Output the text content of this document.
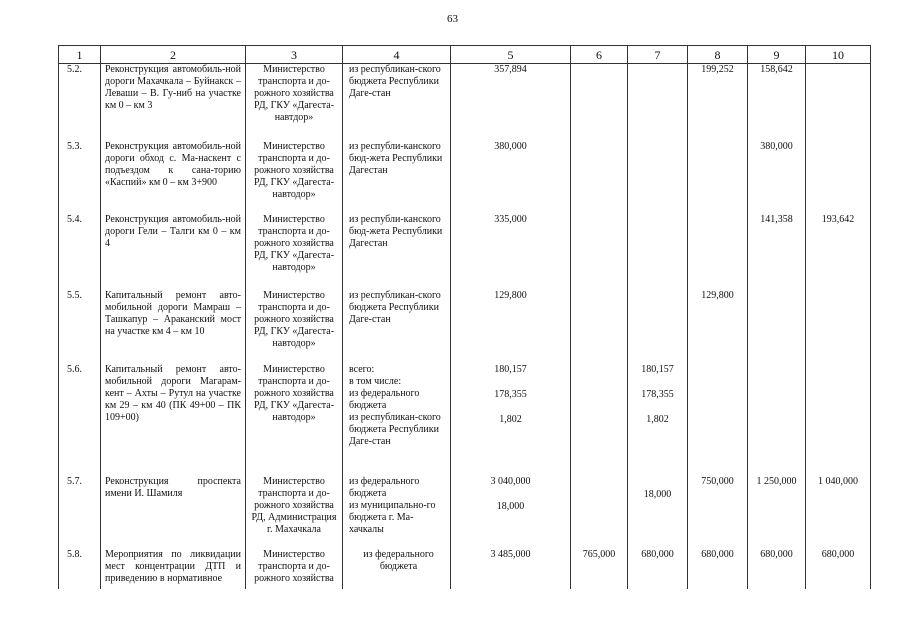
63
1	2	3	4	5	6	7	8	9	10
5.2.	Реконструкция автомобиль-ной дороги Махачкала – Буйнакск – Леваши – В. Гу-ниб на участке км 0 – км 3	Министерство транспорта и до-рожного хозяйства РД, ГКУ «Дагеста-навтдор»	из республикан-ского бюджета Республики Даге-стан	357,894			199,252	158,642	
5.3.	Реконструкция автомобиль-ной дороги обход с. Ма-наскент с подъездом к сана-торию «Каспий» км 0 – км 3+900	Министерство транспорта и до-рожного хозяйства РД, ГКУ «Дагеста-навтодор»	из республи-канского бюд-жета Республики Дагестан	380,000				380,000	
5.4.	Реконструкция автомобиль-ной дороги Гели – Талги км 0 – км 4	Министерство транспорта и до-рожного хозяйства РД, ГКУ «Дагеста-навтодор»	из республи-канского бюд-жета Республики Дагестан	335,000				141,358	193,642
5.5.	Капитальный ремонт авто-мобильной дороги Мамраш – Ташкапур – Араканский мост на участке км 4 – км 10	Министерство транспорта и до-рожного хозяйства РД, ГКУ «Дагеста-навтодор»	из республикан-ского бюджета Республики Даге-стан	129,800			129,800		
5.6.	Капитальный ремонт авто-мобильной дороги Магарам-кент – Ахты – Рутул на участке км 29 – км 40 (ПК 49+00 – ПК 109+00)	Министерство транспорта и до-рожного хозяйства РД, ГКУ «Дагеста-навтодор»	всего:
в том числе:
из федерального бюджета
из республикан-ского бюджета Республики Даге-стан	180,157
178,355
1,802		180,157
178,355
1,802			

5.7.	Реконструкция проспекта имени И. Шамиля	Министерство транспорта и до-рожного хозяйства РД, Администрация г. Махачкала	из федерального бюджета
из муниципально-го бюджета г. Ма-хачкалы	3 040,000
18,000		18,000	750,000	1 250,000	1 040,000
5.8.	Мероприятия по ликвидации мест концентрации ДТП и приведению в нормативное	Министерство транспорта и до-рожного хозяйства	из федерального бюджета	3 485,000	765,000	680,000	680,000	680,000	680,000
